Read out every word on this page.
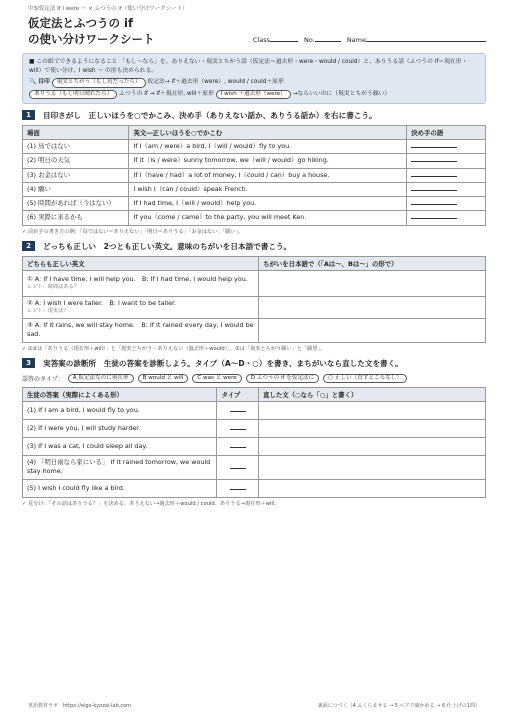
中3/仮定法 If I were ～ × ふつうの if（使い分けワークシート）
仮定法とふつうの if
の使い分けワークシート	Class	No.	Name
■ この紙でできるようになること 「もし～なら」を、ありえない・現実とちがう話（仮定法＝過去形・were・would / could）と、ありうる話（ふつうの if＝現在形・will）で使い分け、I wish ～ の形も決められる。
🔍 目印 現実とちがう（もし鳥だったら） 仮定法→ if＋過去形（were）, would / could＋原形
ありうる（もし明日晴れたら） ふつうの if → if＋現在形, will＋原形 I wish ＋過去形（were） →ならいいのに（現実とちがう願い）
1	目印さがし　正しいほうを○でかこみ、決め手（ありえない話か、ありうる話か）を右に書こう。
場面	英文―正しいほうを○でかこむ	決め手の語
(1) 鳥ではない	If I（am / were）a bird, I（will / would）fly to you.	
(2) 明日の天気	If it（is / were）sunny tomorrow, we（will / would）go hiking.	
(3) お金はない	If I（have / had）a lot of money, I（could / can）buy a house.	
(4) 願い	I wish I（can / could）speak French.	
(5) 時間があれば（今はない）	If I had time, I（will / would）help you.	
(6) 実際に来るかも	If you（come / came）to the party, you will meet Ken.	
✓ 決め手の書き方の例：「鳥ではない＝ありえない」「明日＝ありうる」「お金はない」「願い」。
2	どっちも正しい　2つとも正しい英文。意味のちがいを日本語で書こう。
どちらも正しい英文	ちがいを日本語で（「Aは～、Bは～」の形で）

① A: If I have time, I will help you.　B: If I had time, I would help you.
ヒント：時間はある？	

② A: I wish I were taller.　B: I want to be taller.
ヒント：現実は？	

③ A: If it rains, we will stay home.　B: If it rained every day, I would be sad.	

✓ ①②は「ありうる（現在形＋will）」と「現実とちがう・ありえない（過去形＋would）」、②は「現実とちがう願い」と「願望」。
3	実答案の診断所　生徒の答案を診断しよう。タイプ（A～D・○）を書き、まちがいなら直した文を書く。
誤答のタイプ：	A 仮定法なのに現在形	B would と will	C was と were	D ふつうの if を仮定法に	○ 正しい（直すところなし）
生徒の答案（実際によくある形）	タイプ	直した文（○なら「○」と書く）
(1) If I am a bird, I would fly to you.		
(2) If I were you, I will study harder.		
(3) If I was a cat, I could sleep all day.		
(4) 「明日雨なら家にいる」 If it rained tomorrow, we would stay home.		
(5) I wish I could fly like a bird.		
✓ 見分け：「その話はありうる？」を決める。ありえない→過去形＋would / could、ありうる→現在形＋will。
英語教材ラボ　https://eigo-kyozai-lab.com	裏面につづく（4 ふくらませる → 5 ペアで確かめる → 6 仕上げの1問）
